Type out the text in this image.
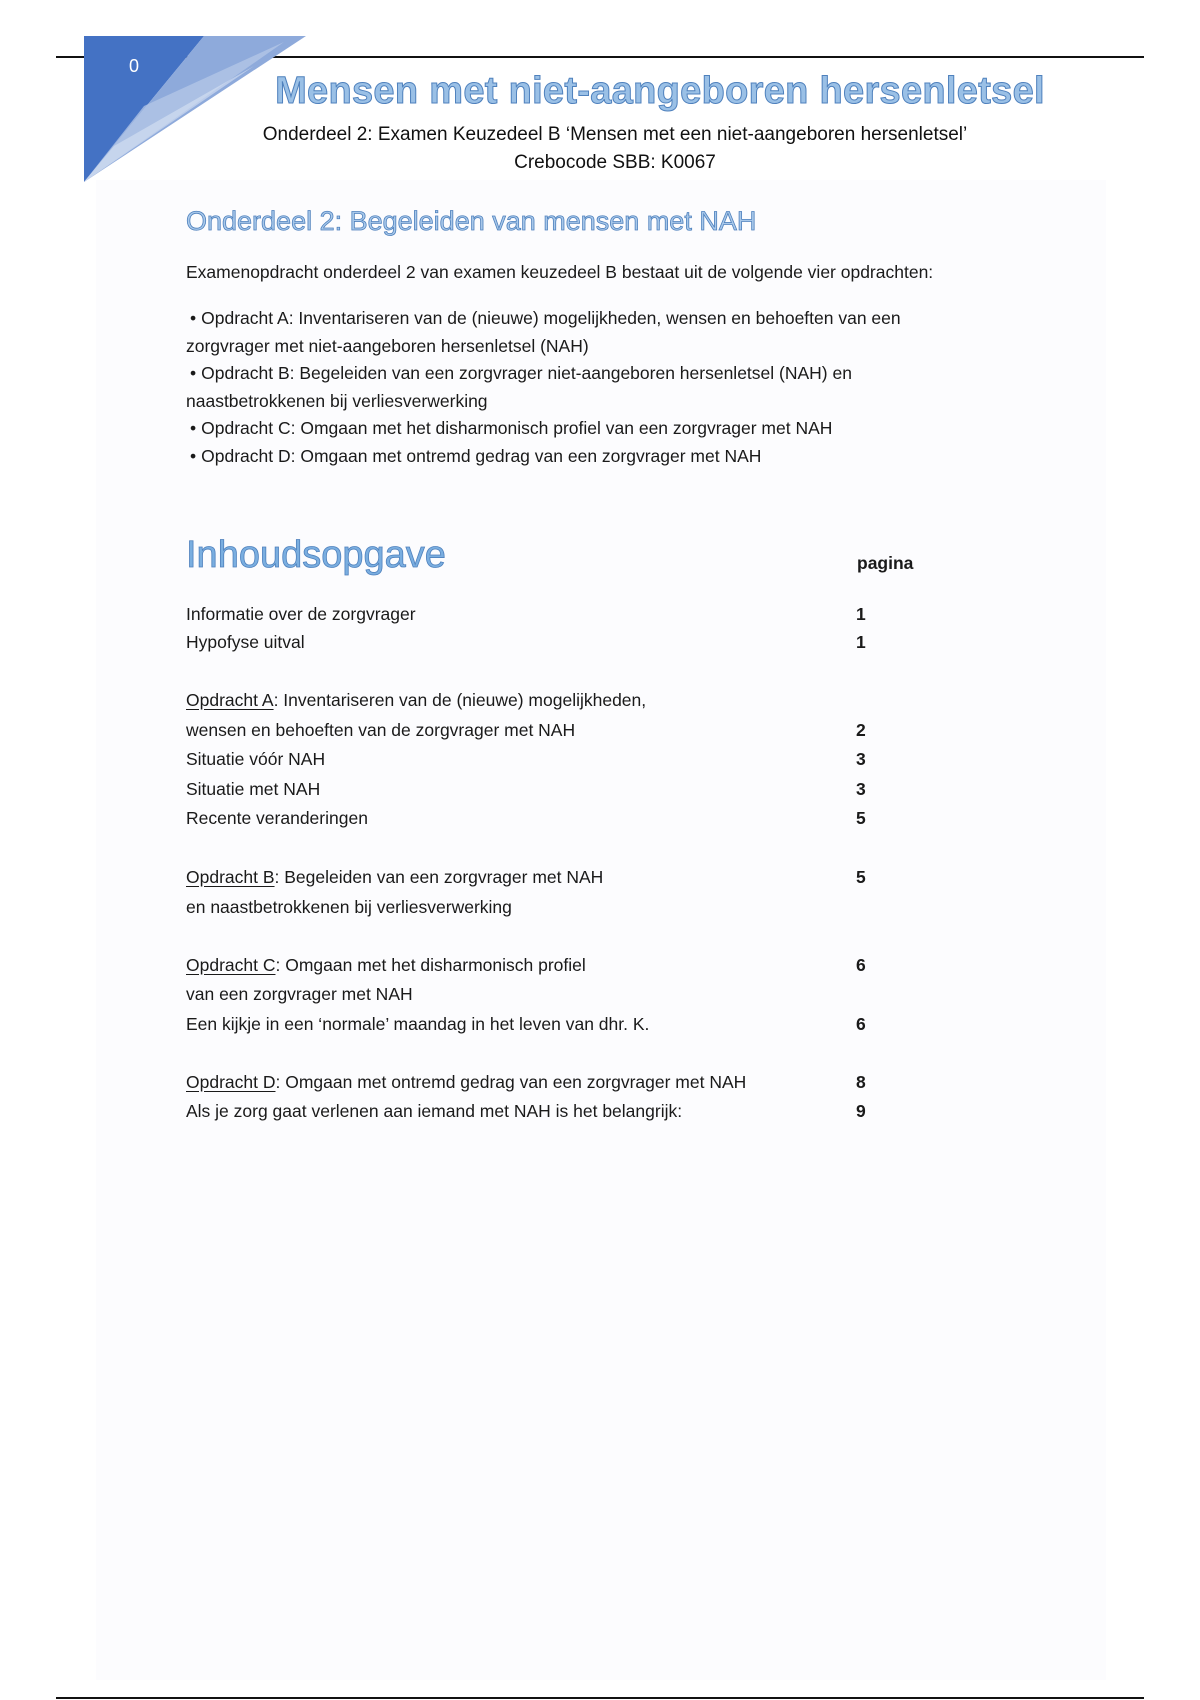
0
Mensen met niet-aangeboren hersenletsel
Onderdeel 2: Examen Keuzedeel B ‘Mensen met een niet-aangeboren hersenletsel’
Crebocode SBB: K0067
Onderdeel 2: Begeleiden van mensen met NAH
Examenopdracht onderdeel 2 van examen keuzedeel B bestaat uit de volgende vier opdrachten:
• Opdracht A: Inventariseren van de (nieuwe) mogelijkheden, wensen en behoeften van een
zorgvrager met niet-aangeboren hersenletsel (NAH)
• Opdracht B: Begeleiden van een zorgvrager niet-aangeboren hersenletsel (NAH) en
naastbetrokkenen bij verliesverwerking
• Opdracht C: Omgaan met het disharmonisch profiel van een zorgvrager met NAH
• Opdracht D: Omgaan met ontremd gedrag van een zorgvrager met NAH
Inhoudsopgave	pagina
Informatie over de zorgvrager	1
Hypofyse uitval	1
Opdracht A: Inventariseren van de (nieuwe) mogelijkheden,
wensen en behoeften van de zorgvrager met NAH	2
Situatie vóór NAH	3
Situatie met NAH	3
Recente veranderingen	5
Opdracht B: Begeleiden van een zorgvrager met NAH	5
en naastbetrokkenen bij verliesverwerking
Opdracht C: Omgaan met het disharmonisch profiel	6
van een zorgvrager met NAH
Een kijkje in een ‘normale’ maandag in het leven van dhr. K.	6
Opdracht D: Omgaan met ontremd gedrag van een zorgvrager met NAH	8
Als je zorg gaat verlenen aan iemand met NAH is het belangrijk:	9
